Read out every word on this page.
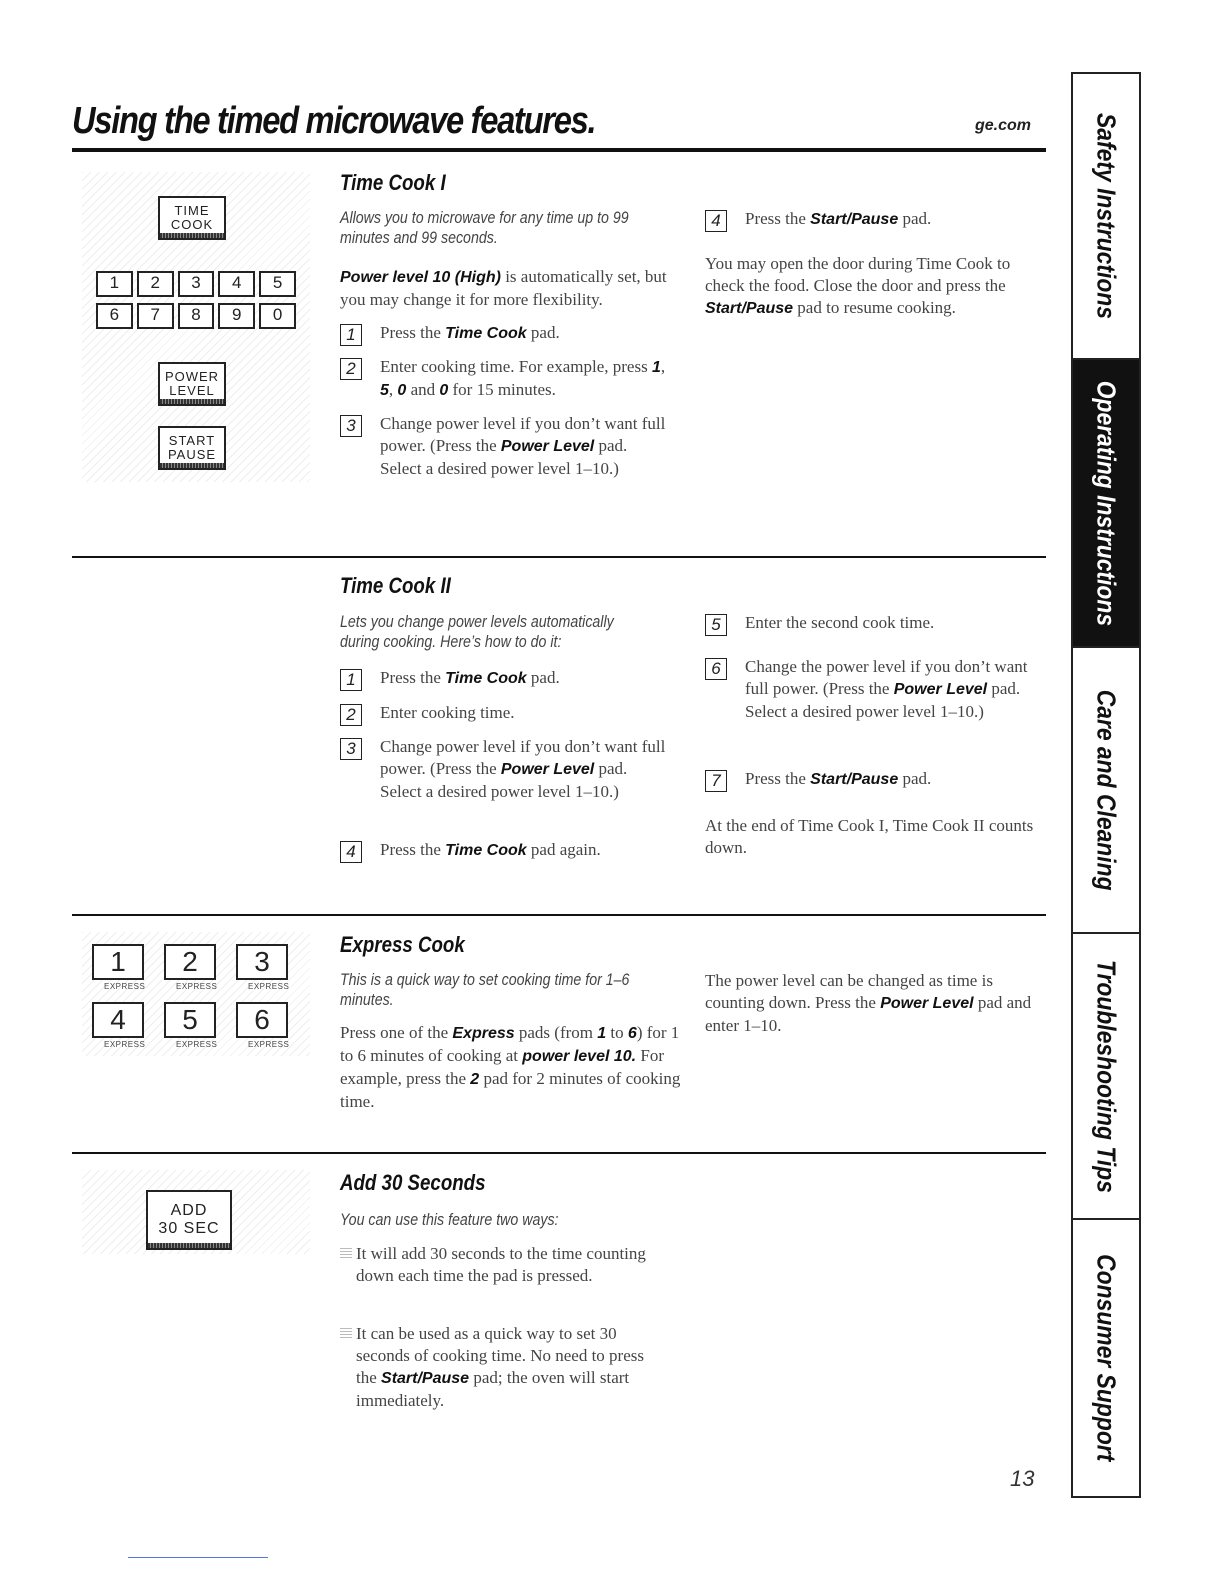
Using the timed microwave features.	ge.com
TIME
COOK
1	2	3	4	5
6	7	8	9	0
POWER
LEVEL
START
PAUSE
Time Cook I
Allows you to microwave for any time up to 99 minutes and 99 seconds.
Power level 10 (High) is automatically set, but you may change it for more flexibility.
1	Press the Time Cook pad.
2	Enter cooking time. For example, press 1, 5, 0 and 0 for 15 minutes.
3	Change power level if you don’t want full power. (Press the Power Level pad. Select a desired power level 1–10.)
4	Press the Start/Pause pad.
You may open the door during Time Cook to check the food. Close the door and press the Start/Pause pad to resume cooking.
Time Cook II
Lets you change power levels automatically during cooking. Here’s how to do it:
1	Press the Time Cook pad.
2	Enter cooking time.
3	Change power level if you don’t want full power. (Press the Power Level pad. Select a desired power level 1–10.)
4	Press the Time Cook pad again.
5	Enter the second cook time.
6	Change the power level if you don’t want full power. (Press the Power Level pad. Select a desired power level 1–10.)
7	Press the Start/Pause pad.
At the end of Time Cook I, Time Cook II counts down.
1	2	3
EXPRESS	EXPRESS	EXPRESS
4	5	6
EXPRESS	EXPRESS	EXPRESS
Express Cook
This is a quick way to set cooking time for 1–6 minutes.
Press one of the Express pads (from 1 to 6) for 1 to 6 minutes of cooking at power level 10. For example, press the 2 pad for 2 minutes of cooking time.
The power level can be changed as time is counting down. Press the Power Level pad and enter 1–10.
ADD
30 SEC
Add 30 Seconds
You can use this feature two ways:
It will add 30 seconds to the time counting down each time the pad is pressed.
It can be used as a quick way to set 30 seconds of cooking time. No need to press the Start/Pause pad; the oven will start immediately.
13
Safety Instructions
Operating Instructions
Care and Cleaning
Troubleshooting Tips
Consumer Support
